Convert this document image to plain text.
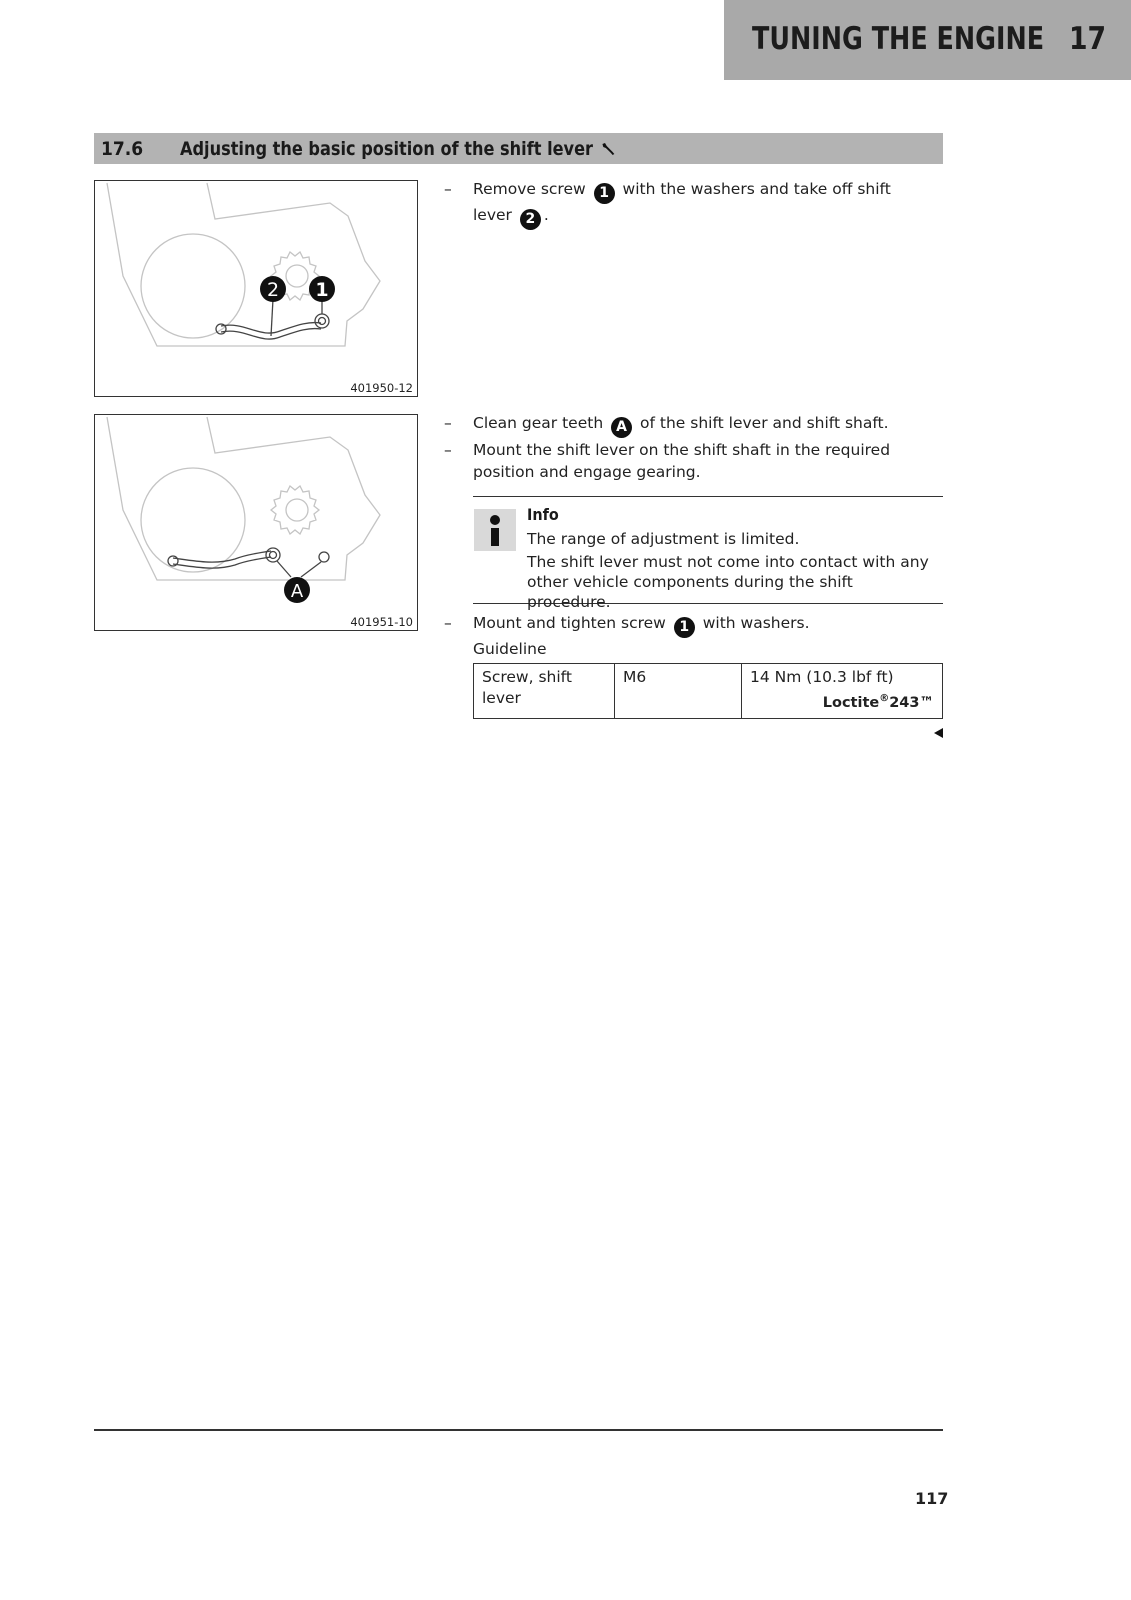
TUNING THE ENGINE 17
17.6 Adjusting the basic position of the shift lever
2 1
401950-12
A
401951-10
– Remove screw 1 with the washers and take off shift lever 2 .
– Clean gear teeth A of the shift lever and shift shaft.
– Mount the shift lever on the shift shaft in the required position and engage gearing.
Info
The range of adjustment is limited.
The shift lever must not come into contact with any other vehicle components during the shift procedure.
– Mount and tighten screw 1 with washers.
Guideline
Screw, shift lever	M6	14 Nm (10.3 lbf ft)
Loctite®243™
117
